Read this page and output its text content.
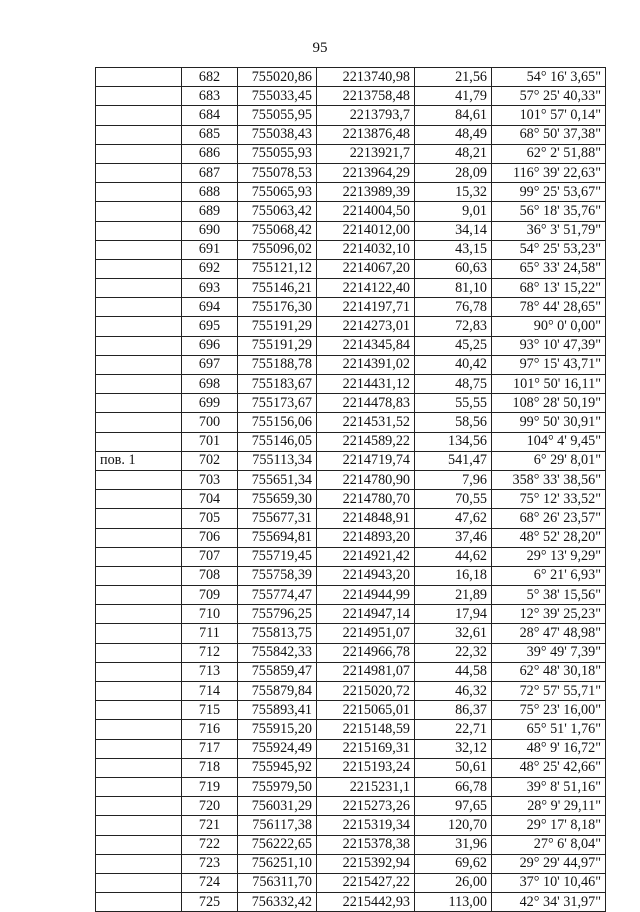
95
	682	755020,86	2213740,98	21,56	54° 16' 3,65"
	683	755033,45	2213758,48	41,79	57° 25' 40,33"
	684	755055,95	2213793,7	84,61	101° 57' 0,14"
	685	755038,43	2213876,48	48,49	68° 50' 37,38"
	686	755055,93	2213921,7	48,21	62° 2' 51,88"
	687	755078,53	2213964,29	28,09	116° 39' 22,63"
	688	755065,93	2213989,39	15,32	99° 25' 53,67"
	689	755063,42	2214004,50	9,01	56° 18' 35,76"
	690	755068,42	2214012,00	34,14	36° 3' 51,79"
	691	755096,02	2214032,10	43,15	54° 25' 53,23"
	692	755121,12	2214067,20	60,63	65° 33' 24,58"
	693	755146,21	2214122,40	81,10	68° 13' 15,22"
	694	755176,30	2214197,71	76,78	78° 44' 28,65"
	695	755191,29	2214273,01	72,83	90° 0' 0,00"
	696	755191,29	2214345,84	45,25	93° 10' 47,39"
	697	755188,78	2214391,02	40,42	97° 15' 43,71"
	698	755183,67	2214431,12	48,75	101° 50' 16,11"
	699	755173,67	2214478,83	55,55	108° 28' 50,19"
	700	755156,06	2214531,52	58,56	99° 50' 30,91"
	701	755146,05	2214589,22	134,56	104° 4' 9,45"
пов. 1	702	755113,34	2214719,74	541,47	6° 29' 8,01"
	703	755651,34	2214780,90	7,96	358° 33' 38,56"
	704	755659,30	2214780,70	70,55	75° 12' 33,52"
	705	755677,31	2214848,91	47,62	68° 26' 23,57"
	706	755694,81	2214893,20	37,46	48° 52' 28,20"
	707	755719,45	2214921,42	44,62	29° 13' 9,29"
	708	755758,39	2214943,20	16,18	6° 21' 6,93"
	709	755774,47	2214944,99	21,89	5° 38' 15,56"
	710	755796,25	2214947,14	17,94	12° 39' 25,23"
	711	755813,75	2214951,07	32,61	28° 47' 48,98"
	712	755842,33	2214966,78	22,32	39° 49' 7,39"
	713	755859,47	2214981,07	44,58	62° 48' 30,18"
	714	755879,84	2215020,72	46,32	72° 57' 55,71"
	715	755893,41	2215065,01	86,37	75° 23' 16,00"
	716	755915,20	2215148,59	22,71	65° 51' 1,76"
	717	755924,49	2215169,31	32,12	48° 9' 16,72"
	718	755945,92	2215193,24	50,61	48° 25' 42,66"
	719	755979,50	2215231,1	66,78	39° 8' 51,16"
	720	756031,29	2215273,26	97,65	28° 9' 29,11"
	721	756117,38	2215319,34	120,70	29° 17' 8,18"
	722	756222,65	2215378,38	31,96	27° 6' 8,04"
	723	756251,10	2215392,94	69,62	29° 29' 44,97"
	724	756311,70	2215427,22	26,00	37° 10' 10,46"
	725	756332,42	2215442,93	113,00	42° 34' 31,97"
